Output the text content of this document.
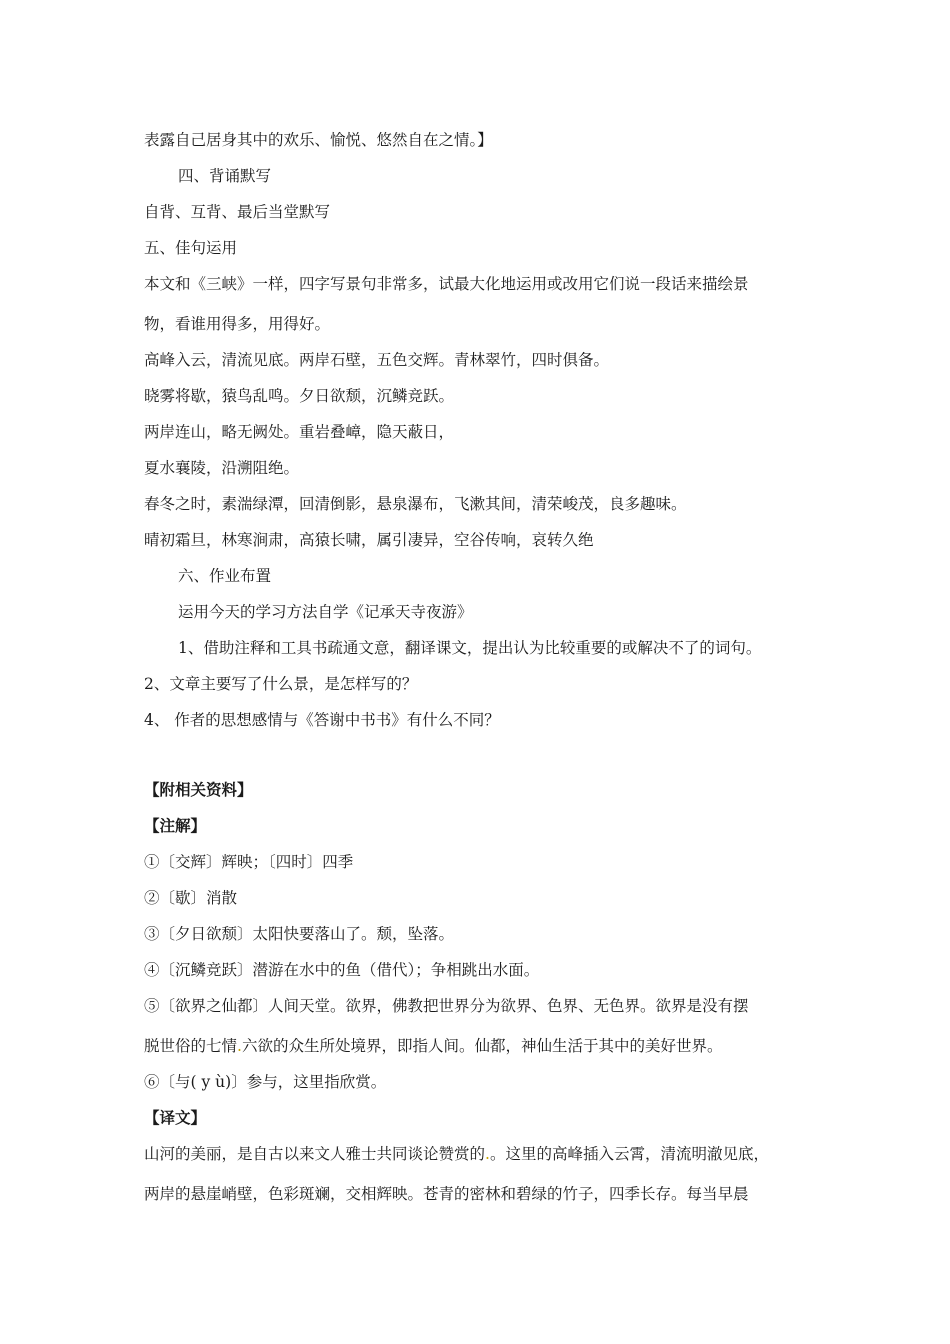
表露自己居身其中的欢乐、愉悦、悠然自在之情。】
四、背诵默写
自背、互背、最后当堂默写
五、佳句运用
本文和《三峡》一样，四字写景句非常多，试最大化地运用或改用它们说一段话来描绘景
物，看谁用得多，用得好。
高峰入云，清流见底。两岸石壁，五色交辉。青林翠竹，四时俱备。
晓雾将歇，猿鸟乱鸣。夕日欲颓，沉鳞竞跃。
两岸连山，略无阙处。重岩叠嶂，隐天蔽日，
夏水襄陵，沿溯阻绝。
春冬之时，素湍绿潭，回清倒影，悬泉瀑布，飞漱其间，清荣峻茂，良多趣味。
晴初霜旦，林寒涧肃，高猿长啸，属引凄异，空谷传响，哀转久绝
六、作业布置
运用今天的学习方法自学《记承天寺夜游》
1、借助注释和工具书疏通文意，翻译课文，提出认为比较重要的或解决不了的词句。
2、文章主要写了什么景，是怎样写的？
4、 作者的思想感情与《答谢中书书》有什么不同？
【附相关资料】
【注解】
①〔交辉〕辉映；〔四时〕四季
②〔歇〕消散
③〔夕日欲颓〕太阳快要落山了。颓，坠落。
④〔沉鳞竞跃〕潜游在水中的鱼（借代）；争相跳出水面。
⑤〔欲界之仙都〕人间天堂。欲界，佛教把世界分为欲界、色界、无色界。欲界是没有摆
脱世俗的七情.六欲的众生所处境界，即指人间。仙都，神仙生活于其中的美好世界。
⑥〔与( y ù)〕参与，这里指欣赏。
【译文】
山河的美丽，是自古以来文人雅士共同谈论赞赏的.。这里的高峰插入云霄，清流明澈见底，
两岸的悬崖峭壁，色彩斑斓，交相辉映。苍青的密林和碧绿的竹子，四季长存。每当早晨
